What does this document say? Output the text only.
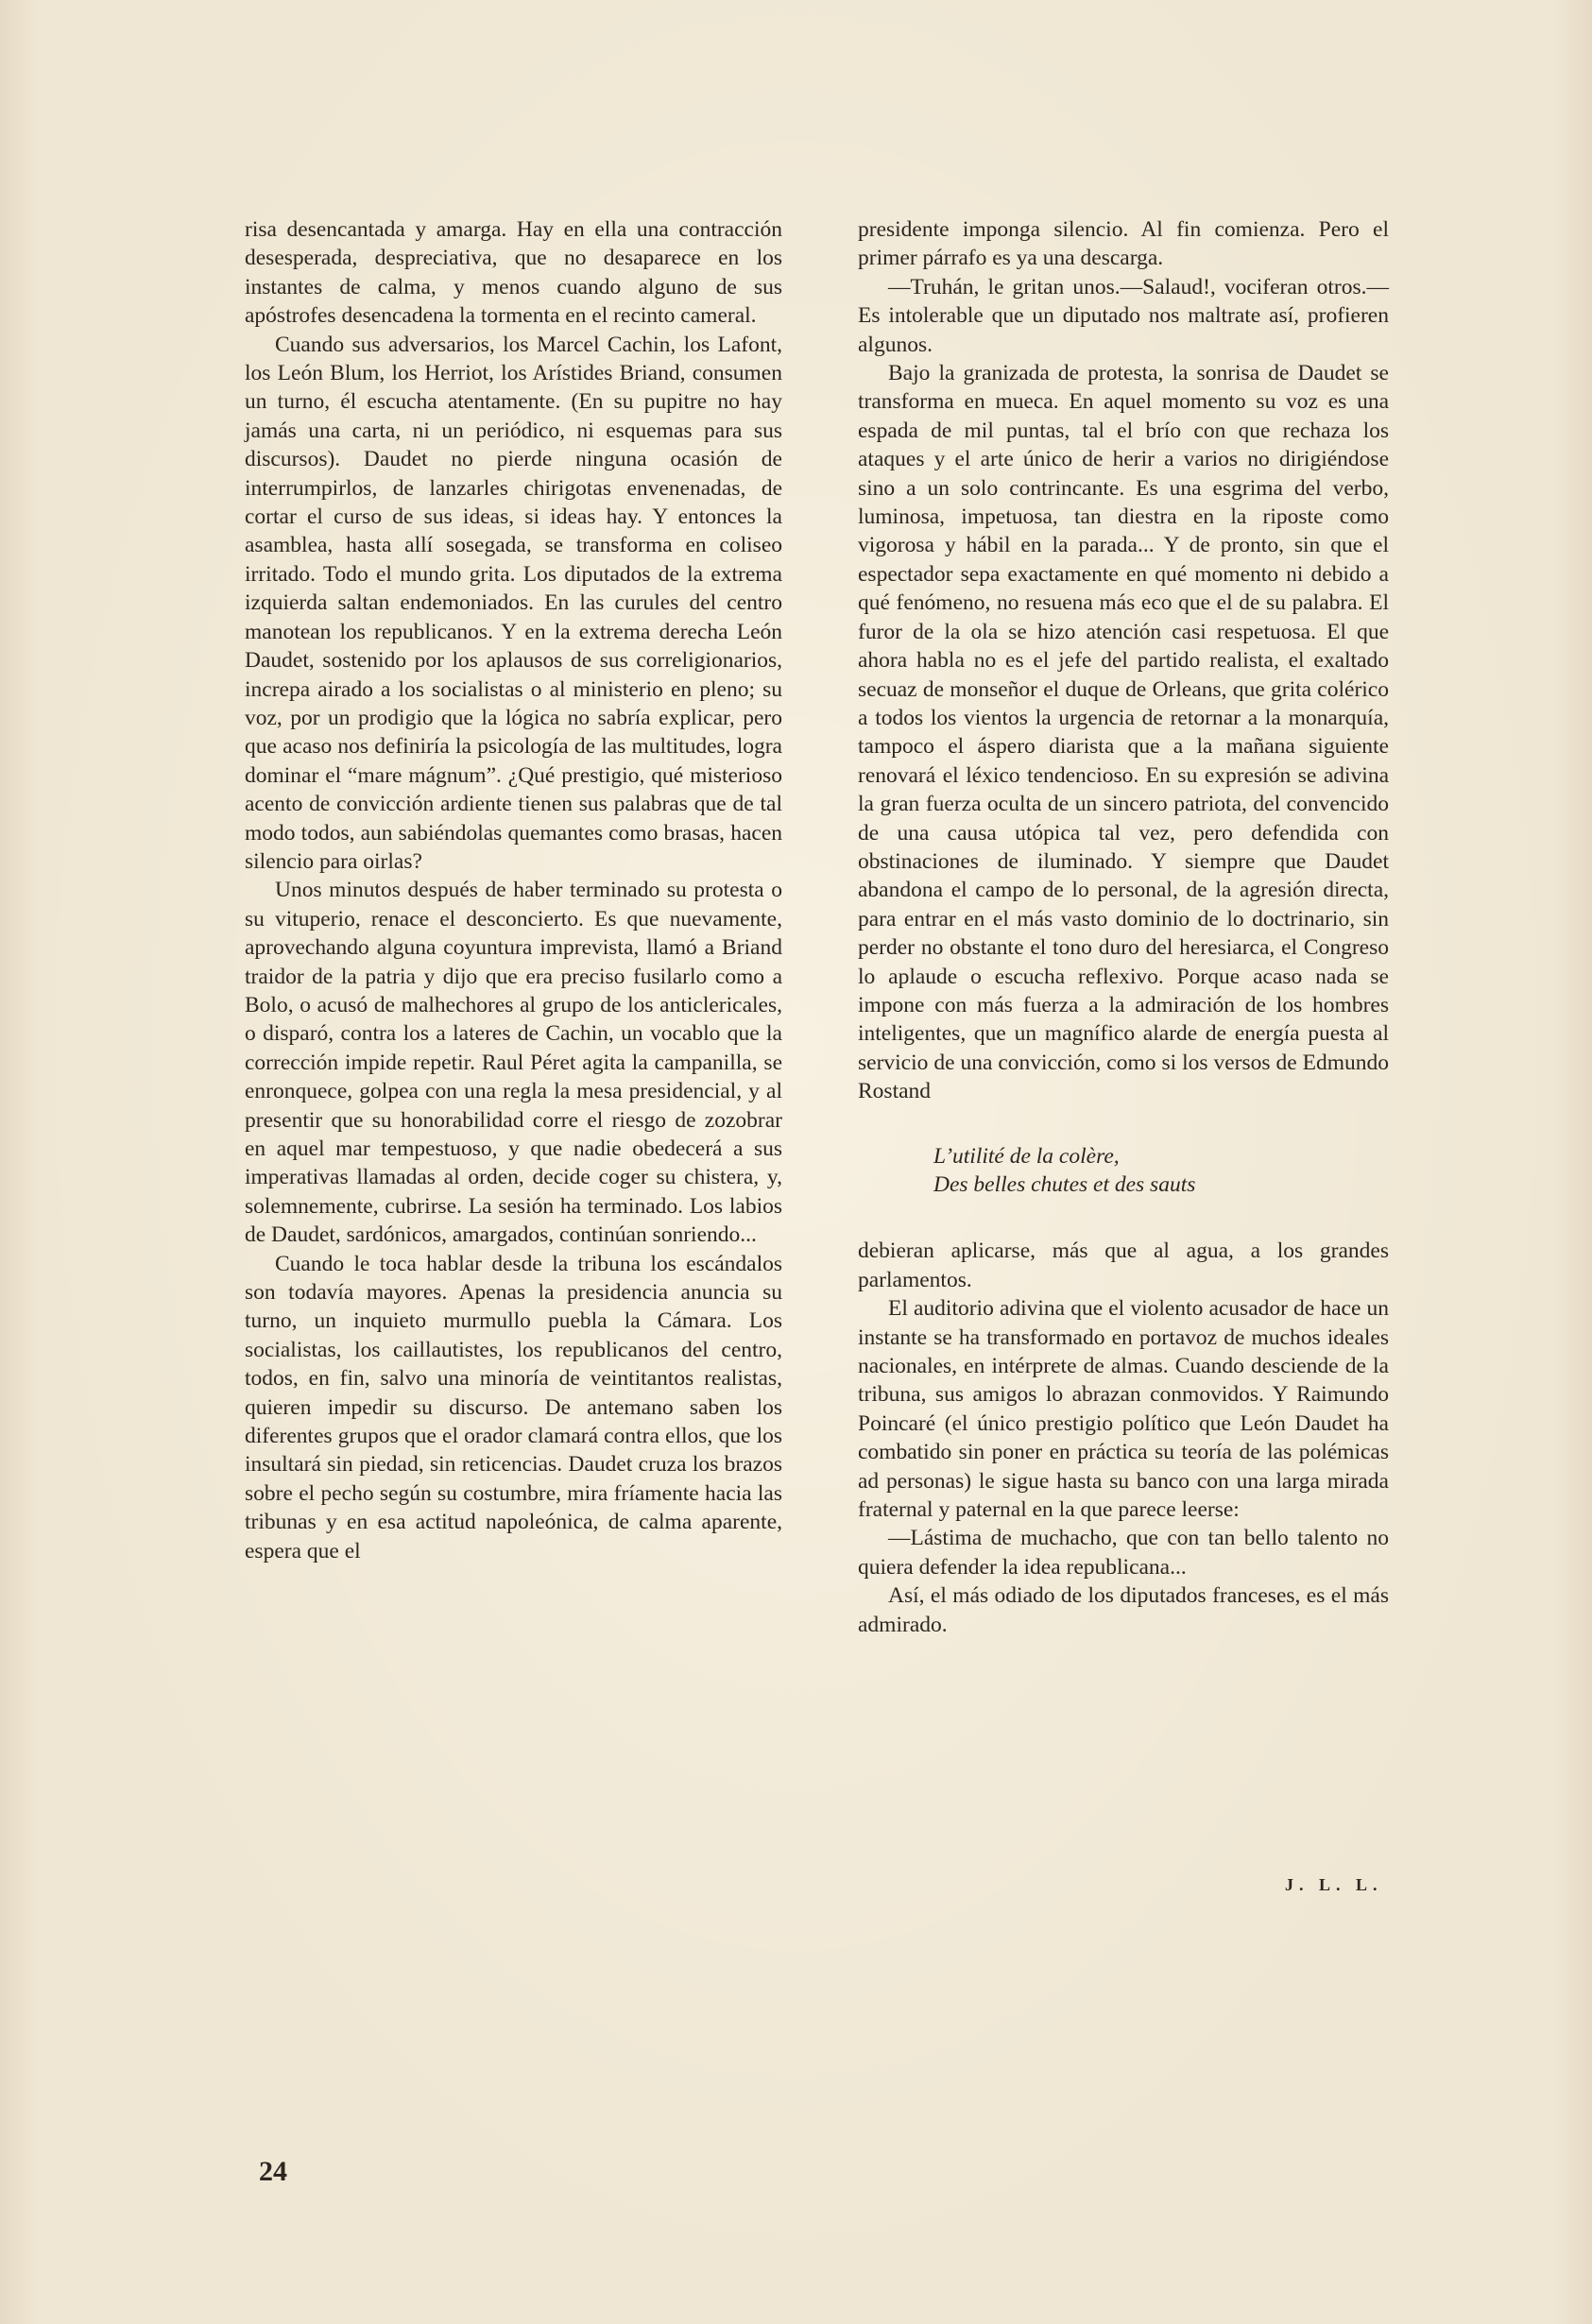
risa desencantada y amarga. Hay en ella una contracción desesperada, despreciativa, que no desaparece en los instantes de calma, y menos cuando alguno de sus apóstrofes desencadena la tormenta en el recinto cameral.

Cuando sus adversarios, los Marcel Cachin, los Lafont, los León Blum, los Herriot, los Arístides Briand, consumen un turno, él escucha atentamente. (En su pupitre no hay jamás una carta, ni un periódico, ni esquemas para sus discursos). Daudet no pierde ninguna ocasión de interrumpirlos, de lanzarles chirigotas envenenadas, de cortar el curso de sus ideas, si ideas hay. Y entonces la asamblea, hasta allí sosegada, se transforma en coliseo irritado. Todo el mundo grita. Los diputados de la extrema izquierda saltan endemoniados. En las curules del centro manotean los republicanos. Y en la extrema derecha León Daudet, sostenido por los aplausos de sus correligionarios, increpa airado a los socialistas o al ministerio en pleno; su voz, por un prodigio que la lógica no sabría explicar, pero que acaso nos definiría la psicología de las multitudes, logra dominar el “mare mágnum”. ¿Qué prestigio, qué misterioso acento de convicción ardiente tienen sus palabras que de tal modo todos, aun sabiéndolas quemantes como brasas, hacen silencio para oirlas?

Unos minutos después de haber terminado su protesta o su vituperio, renace el desconcierto. Es que nuevamente, aprovechando alguna coyuntura imprevista, llamó a Briand traidor de la patria y dijo que era preciso fusilarlo como a Bolo, o acusó de malhechores al grupo de los anticlericales, o disparó, contra los a lateres de Cachin, un vocablo que la corrección impide repetir. Raul Péret agita la campanilla, se enronquece, golpea con una regla la mesa presidencial, y al presentir que su honorabilidad corre el riesgo de zozobrar en aquel mar tempestuoso, y que nadie obedecerá a sus imperativas llamadas al orden, decide coger su chistera, y, solemnemente, cubrirse. La sesión ha terminado. Los labios de Daudet, sardónicos, amargados, continúan sonriendo...

Cuando le toca hablar desde la tribuna los escándalos son todavía mayores. Apenas la presidencia anuncia su turno, un inquieto murmullo puebla la Cámara. Los socialistas, los caillautistes, los republicanos del centro, todos, en fin, salvo una minoría de veintitantos realistas, quieren impedir su discurso. De antemano saben los diferentes grupos que el orador clamará contra ellos, que los insultará sin piedad, sin reticencias. Daudet cruza los brazos sobre el pecho según su costumbre, mira fríamente hacia las tribunas y en esa actitud napoleónica, de calma aparente, espera que el

presidente imponga silencio. Al fin comienza. Pero el primer párrafo es ya una descarga.

—Truhán, le gritan unos.—Salaud!, vociferan otros.—Es intolerable que un diputado nos maltrate así, profieren algunos.

Bajo la granizada de protesta, la sonrisa de Daudet se transforma en mueca. En aquel momento su voz es una espada de mil puntas, tal el brío con que rechaza los ataques y el arte único de herir a varios no dirigiéndose sino a un solo contrincante. Es una esgrima del verbo, luminosa, impetuosa, tan diestra en la riposte como vigorosa y hábil en la parada... Y de pronto, sin que el espectador sepa exactamente en qué momento ni debido a qué fenómeno, no resuena más eco que el de su palabra. El furor de la ola se hizo atención casi respetuosa. El que ahora habla no es el jefe del partido realista, el exaltado secuaz de monseñor el duque de Orleans, que grita colérico a todos los vientos la urgencia de retornar a la monarquía, tampoco el áspero diarista que a la mañana siguiente renovará el léxico tendencioso. En su expresión se adivina la gran fuerza oculta de un sincero patriota, del convencido de una causa utópica tal vez, pero defendida con obstinaciones de iluminado. Y siempre que Daudet abandona el campo de lo personal, de la agresión directa, para entrar en el más vasto dominio de lo doctrinario, sin perder no obstante el tono duro del heresiarca, el Congreso lo aplaude o escucha reflexivo. Porque acaso nada se impone con más fuerza a la admiración de los hombres inteligentes, que un magnífico alarde de energía puesta al servicio de una convicción, como si los versos de Edmundo Rostand

L’utilité de la colère,
Des belles chutes et des sauts

debieran aplicarse, más que al agua, a los grandes parlamentos.

El auditorio adivina que el violento acusador de hace un instante se ha transformado en portavoz de muchos ideales nacionales, en intérprete de almas. Cuando desciende de la tribuna, sus amigos lo abrazan conmovidos. Y Raimundo Poincaré (el único prestigio político que León Daudet ha combatido sin poner en práctica su teoría de las polémicas ad personas) le sigue hasta su banco con una larga mirada fraternal y paternal en la que parece leerse:

—Lástima de muchacho, que con tan bello talento no quiera defender la idea republicana...

Así, el más odiado de los diputados franceses, es el más admirado.

J. L. L.
24
